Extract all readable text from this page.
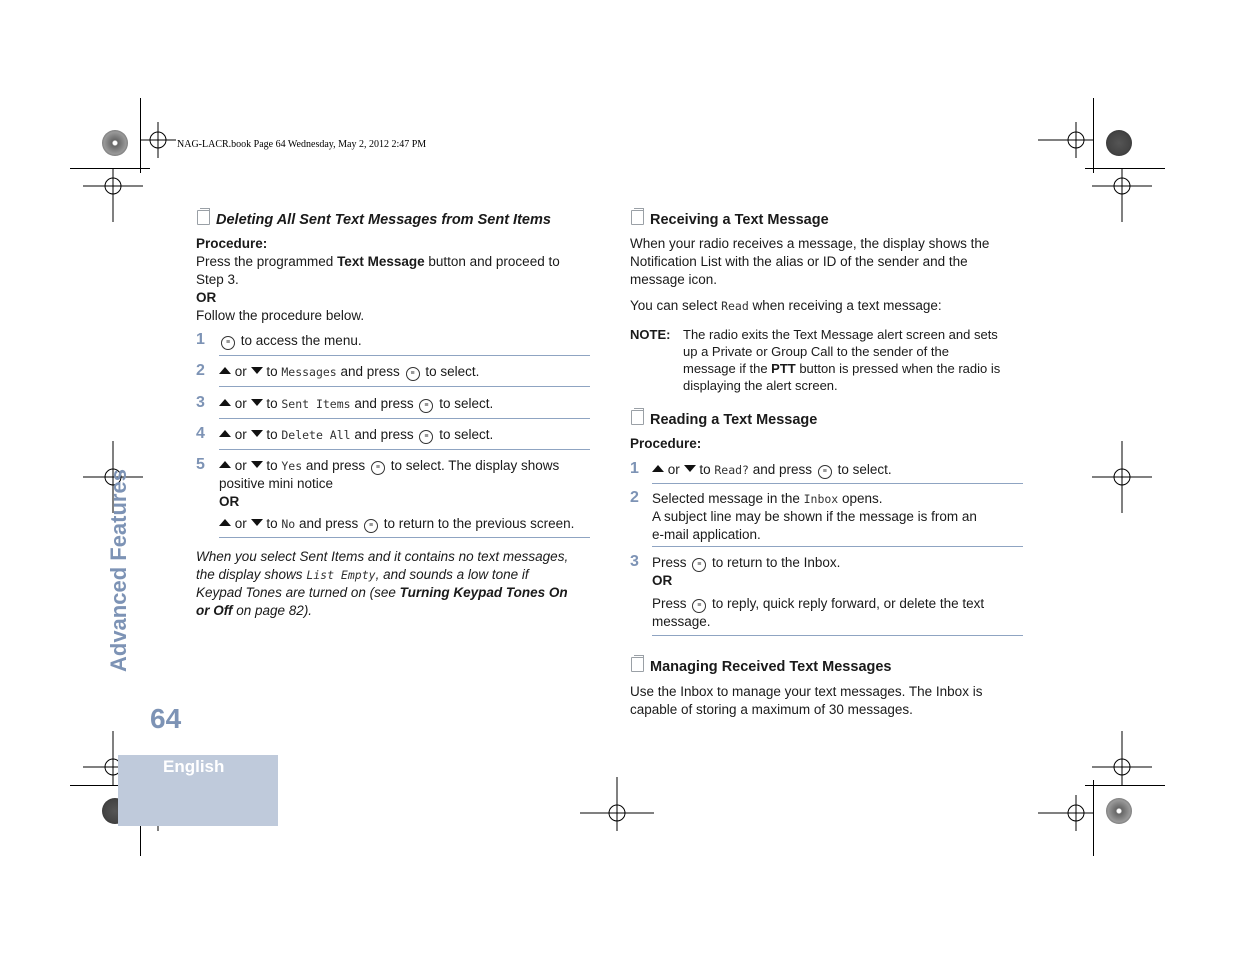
NAG-LACR.book Page 64 Wednesday, May 2, 2012 2:47 PM
Deleting All Sent Text Messages from Sent Items
Procedure:
Press the programmed Text Message button and proceed to
Step 3.
OR
Follow the procedure below.
1	≡ to access the menu.
2	or to Messages and press ≡ to select.
3	or to Sent Items and press ≡ to select.
4	or to Delete All and press ≡ to select.
5	or to Yes and press ≡ to select. The display shows
positive mini notice
OR
or to No and press ≡ to return to the previous screen.
When you select Sent Items and it contains no text messages,
the display shows List Empty, and sounds a low tone if
Keypad Tones are turned on (see Turning Keypad Tones On
or Off on page 82).
Receiving a Text Message
When your radio receives a message, the display shows the
Notification List with the alias or ID of the sender and the
message icon.
You can select Read when receiving a text message:
NOTE: The radio exits the Text Message alert screen and sets
up a Private or Group Call to the sender of the
message if the PTT button is pressed when the radio is
displaying the alert screen.
Reading a Text Message
Procedure:
1	or to Read? and press ≡ to select.
2 Selected message in the Inbox opens.
A subject line may be shown if the message is from an
e-mail application.
3 Press ≡ to return to the Inbox.
OR
Press ≡ to reply, quick reply forward, or delete the text
message.
Managing Received Text Messages
Use the Inbox to manage your text messages. The Inbox is
capable of storing a maximum of 30 messages.
Advanced Features
64
English
